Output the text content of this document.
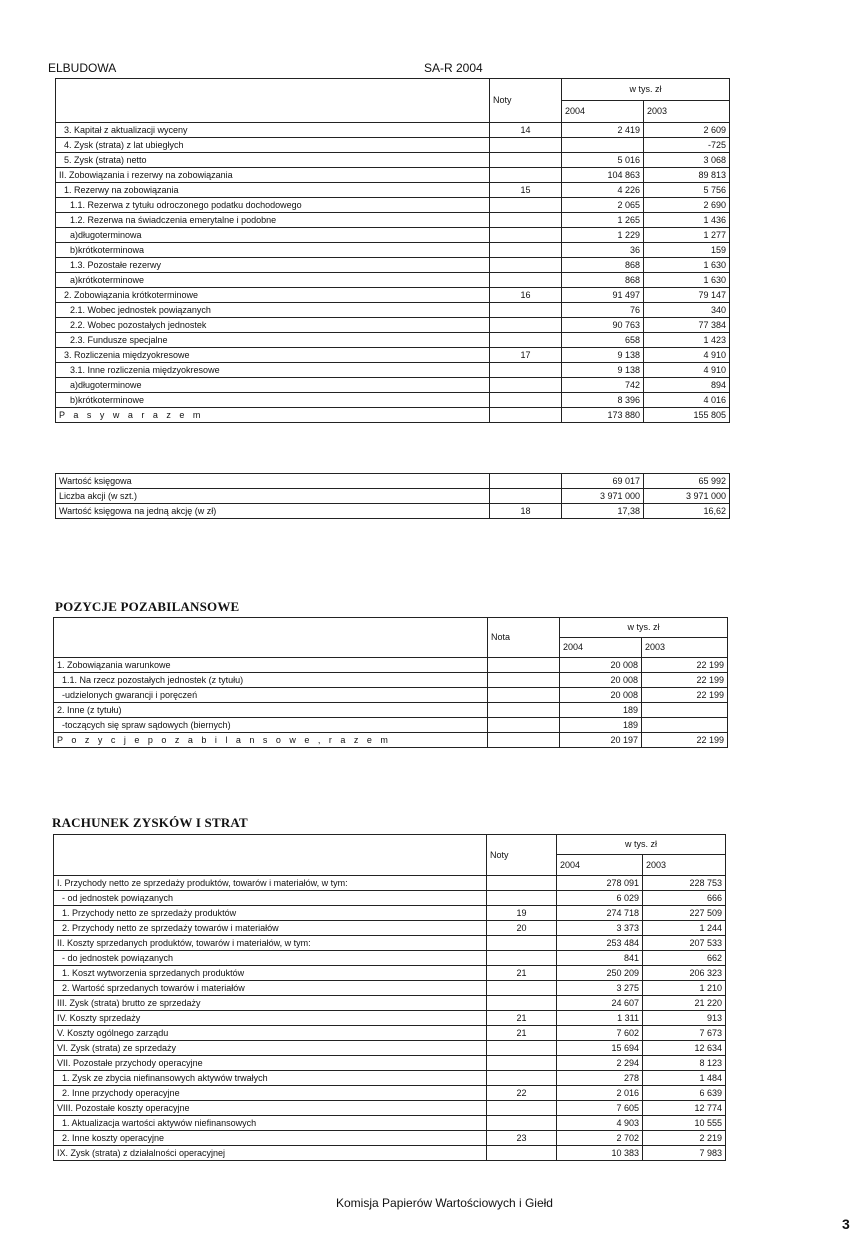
ELBUDOWA	SA-R 2004
	Noty	w tys. zł	
		2004	2003
3. Kapitał z aktualizacji wyceny	14	2 419	2 609
4. Zysk (strata) z lat ubiegłych			-725
5. Zysk (strata) netto		5 016	3 068
II. Zobowiązania i rezerwy na zobowiązania		104 863	89 813
1. Rezerwy na zobowiązania	15	4 226	5 756
1.1. Rezerwa z tytułu odroczonego podatku dochodowego		2 065	2 690
1.2. Rezerwa na świadczenia emerytalne i podobne		1 265	1 436
a)długoterminowa		1 229	1 277
b)krótkoterminowa		36	159
1.3. Pozostałe rezerwy		868	1 630
a)krótkoterminowe		868	1 630
2. Zobowiązania krótkoterminowe	16	91 497	79 147
2.1. Wobec jednostek powiązanych		76	340
2.2. Wobec pozostałych jednostek		90 763	77 384
2.3. Fundusze specjalne		658	1 423
3. Rozliczenia międzyokresowe	17	9 138	4 910
3.1. Inne rozliczenia międzyokresowe		9 138	4 910
a)długoterminowe		742	894
b)krótkoterminowe		8 396	4 016
P a s y w a r a z e m		173 880	155 805
Wartość księgowa		69 017	65 992
Liczba akcji (w szt.)		3 971 000	3 971 000
Wartość księgowa na jedną akcję (w zł)	18	17,38	16,62
POZYCJE POZABILANSOWE
	Nota	w tys. zł	
		2004	2003
1. Zobowiązania warunkowe		20 008	22 199
1.1. Na rzecz pozostałych jednostek (z tytułu)		20 008	22 199
-udzielonych gwarancji i poręczeń		20 008	22 199
2. Inne (z tytułu)		189	
-toczących się spraw sądowych (biernych)		189	
P o z y c j e p o z a b i l a n s o w e , r a z e m		20 197	22 199
RACHUNEK ZYSKÓW I STRAT
	Noty	w tys. zł	
		2004	2003
I. Przychody netto ze sprzedaży produktów, towarów i materiałów, w tym:		278 091	228 753
- od jednostek powiązanych		6 029	666
1. Przychody netto ze sprzedaży produktów	19	274 718	227 509
2. Przychody netto ze sprzedaży towarów i materiałów	20	3 373	1 244
II. Koszty sprzedanych produktów, towarów i materiałów, w tym:		253 484	207 533
- do jednostek powiązanych		841	662
1. Koszt wytworzenia sprzedanych produktów	21	250 209	206 323
2. Wartość sprzedanych towarów i materiałów		3 275	1 210
III. Zysk (strata) brutto ze sprzedaży		24 607	21 220
IV. Koszty sprzedaży	21	1 311	913
V. Koszty ogólnego zarządu	21	7 602	7 673
VI. Zysk (strata) ze sprzedaży		15 694	12 634
VII. Pozostałe przychody operacyjne		2 294	8 123
1. Zysk ze zbycia niefinansowych aktywów trwałych		278	1 484
2. Inne przychody operacyjne	22	2 016	6 639
VIII. Pozostałe koszty operacyjne		7 605	12 774
1. Aktualizacja wartości aktywów niefinansowych		4 903	10 555
2. Inne koszty operacyjne	23	2 702	2 219
IX. Zysk (strata) z działalności operacyjnej		10 383	7 983
Komisja Papierów Wartościowych i Giełd
3
